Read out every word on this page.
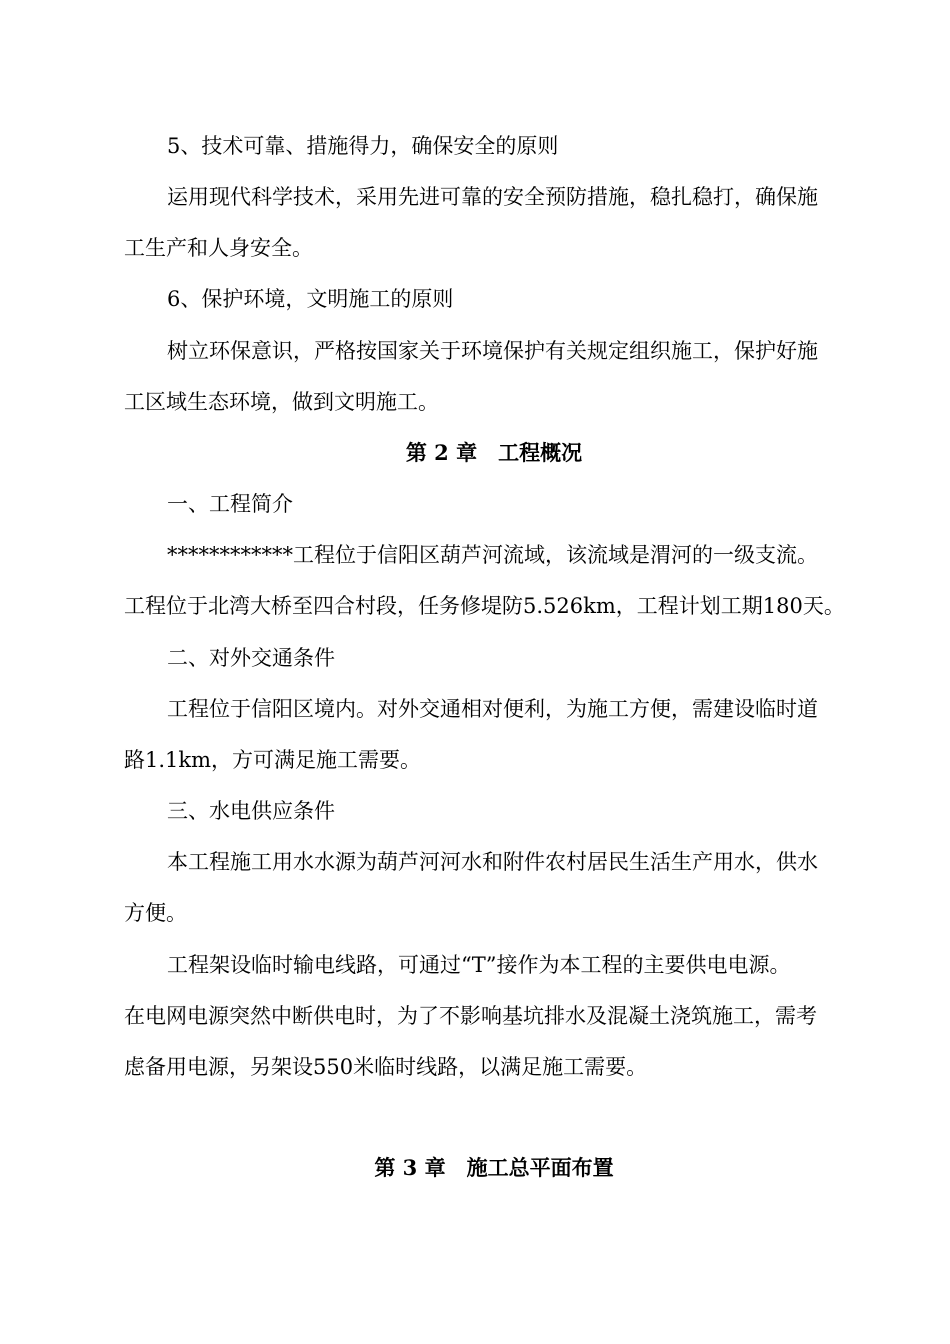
5、技术可靠、措施得力，确保安全的原则
运用现代科学技术，采用先进可靠的安全预防措施，稳扎稳打，确保施
工生产和人身安全。
6、保护环境，文明施工的原则
树立环保意识，严格按国家关于环境保护有关规定组织施工，保护好施
工区域生态环境，做到文明施工。
第 2 章　工程概况
一、工程简介
************工程位于信阳区葫芦河流域，该流域是渭河的一级支流。
工程位于北湾大桥至四合村段，任务修堤防5.526km，工程计划工期180天。
二、对外交通条件
工程位于信阳区境内。对外交通相对便利，为施工方便，需建设临时道
路1.1km，方可满足施工需要。
三、水电供应条件
本工程施工用水水源为葫芦河河水和附件农村居民生活生产用水，供水
方便。
工程架设临时输电线路，可通过“T”接作为本工程的主要供电电源。
在电网电源突然中断供电时，为了不影响基坑排水及混凝土浇筑施工，需考
虑备用电源，另架设550米临时线路，以满足施工需要。
第 3 章　施工总平面布置
